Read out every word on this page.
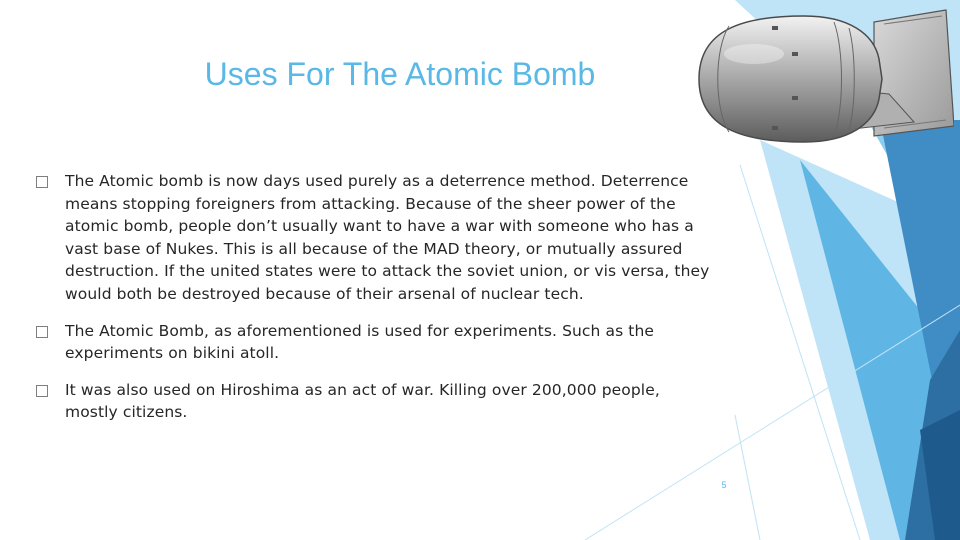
Uses For The Atomic Bomb
The Atomic bomb is now days used purely as a deterrence method. Deterrence means stopping foreigners from attacking. Because of the sheer power of the atomic bomb, people don’t usually want to have a war with someone who has a vast base of Nukes. This is all because of the MAD theory, or mutually assured destruction. If the united states were to attack the soviet union, or vis versa, they would both be destroyed because of their arsenal of nuclear tech.
The Atomic Bomb, as aforementioned is used for experiments. Such as the experiments on bikini atoll.
It was also used on Hiroshima as an act of war. Killing over 200,000 people, mostly citizens.
5
